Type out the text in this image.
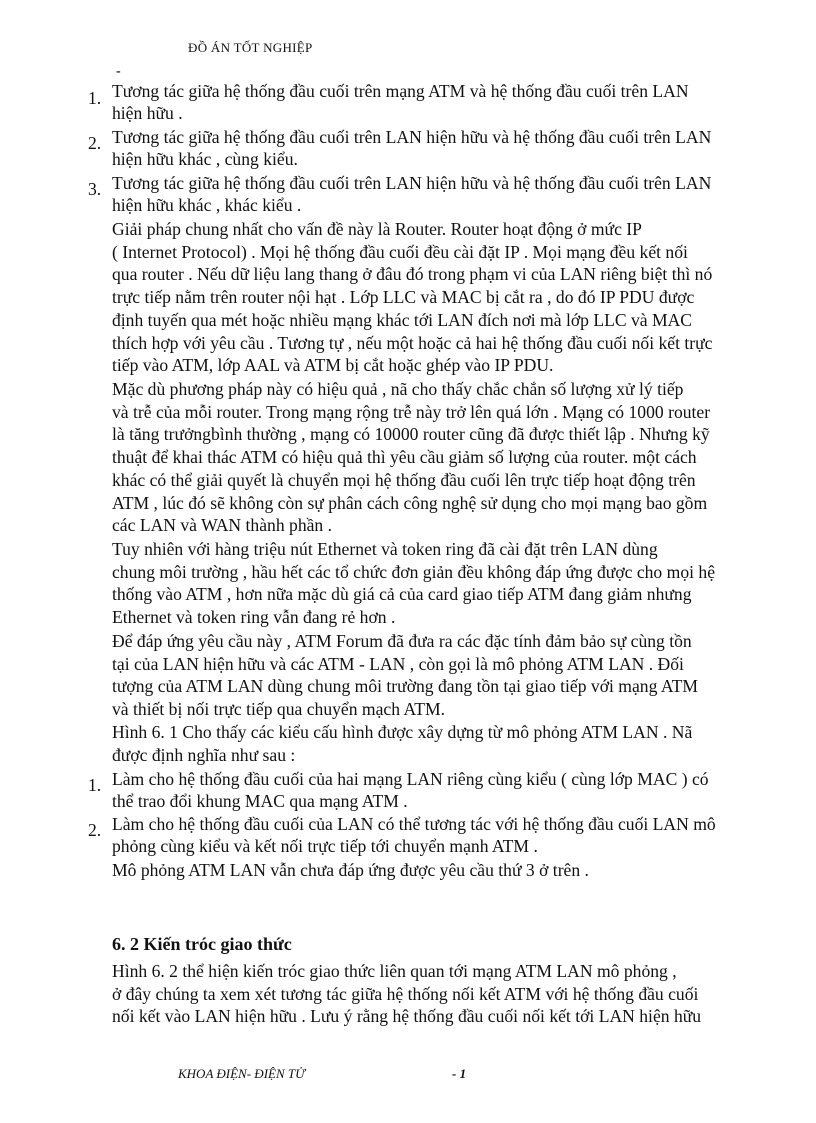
ĐỒ ÁN TỐT NGHIỆP
-
1. Tương tác giữa hệ thống đầu cuối trên mạng ATM và hệ thống đầu cuối trên LAN
hiện hữu .
2. Tương tác giữa hệ thống đầu cuối trên LAN hiện hữu và hệ thống đầu cuối trên LAN
hiện hữu khác , cùng kiểu.
3. Tương tác giữa hệ thống đầu cuối trên LAN hiện hữu và hệ thống đầu cuối trên LAN
hiện hữu khác , khác kiểu .
Giải pháp chung nhất cho vấn đề này là Router. Router hoạt động ở mức IP
( Internet Protocol) . Mọi hệ thống đầu cuối đều cài đặt IP . Mọi mạng đều kết nối
qua router . Nếu dữ liệu lang thang ở đâu đó trong phạm vi của LAN riêng biệt thì nó
trực tiếp nằm trên router nội hạt . Lớp LLC và MAC bị cắt ra , do đó IP PDU được
định tuyến qua mét hoặc nhiều mạng khác tới LAN đích nơi mà lớp LLC và MAC
thích hợp với yêu cầu . Tương tự , nếu một hoặc cả hai hệ thống đầu cuối nối kết trực
tiếp vào ATM, lớp AAL và ATM bị cắt hoặc ghép vào IP PDU.
Mặc dù phương pháp này có hiệu quả , nã cho thấy chắc chắn số lượng xử lý tiếp
và trễ của mỗi router. Trong mạng rộng trễ này trở lên quá lớn . Mạng có 1000 router
là tăng trưởngbình thường , mạng có 10000 router cũng đã được thiết lập . Nhưng kỹ
thuật để khai thác ATM có hiệu quả thì yêu cầu giảm số lượng của router. một cách
khác có thể giải quyết là chuyển mọi hệ thống đầu cuối lên trực tiếp hoạt động trên
ATM , lúc đó sẽ không còn sự phân cách công nghệ sử dụng cho mọi mạng bao gồm
các LAN và WAN thành phần .
Tuy nhiên với hàng triệu nút Ethernet và token ring đã cài đặt trên LAN dùng
chung môi trường , hầu hết các tổ chức đơn giản đều không đáp ứng được cho mọi hệ
thống vào ATM , hơn nữa mặc dù giá cả của card giao tiếp ATM đang giảm nhưng
Ethernet và token ring vẫn đang rẻ hơn .
Để đáp ứng yêu cầu này , ATM Forum đã đưa ra các đặc tính đảm bảo sự cùng tồn
tại của LAN hiện hữu và các ATM - LAN , còn gọi là mô phỏng ATM LAN . Đối
tượng của ATM LAN dùng chung môi trường đang tồn tại giao tiếp với mạng ATM
và thiết bị nối trực tiếp qua chuyển mạch ATM.
Hình 6. 1 Cho thấy các kiểu cấu hình được xây dựng từ mô phỏng ATM LAN . Nã
được định nghĩa như sau :
1. Làm cho hệ thống đầu cuối của hai mạng LAN riêng cùng kiểu ( cùng lớp MAC ) có
thể trao đổi khung MAC qua mạng ATM .
2. Làm cho hệ thống đầu cuối của LAN có thể tương tác với hệ thống đầu cuối LAN mô
phỏng cùng kiểu và kết nối trực tiếp tới chuyển mạnh ATM .
Mô phỏng ATM LAN vẫn chưa đáp ứng được yêu cầu thứ 3 ở trên .
6. 2 Kiến tróc giao thức
Hình 6. 2 thể hiện kiến tróc giao thức liên quan tới mạng ATM LAN mô phỏng ,
ở đây chúng ta xem xét tương tác giữa hệ thống nối kết ATM với hệ thống đầu cuối
nối kết vào LAN hiện hữu . Lưu ý rằng hệ thống đầu cuối nối kết tới LAN hiện hữu
KHOA ĐIỆN- ĐIỆN TỬ	- 1
